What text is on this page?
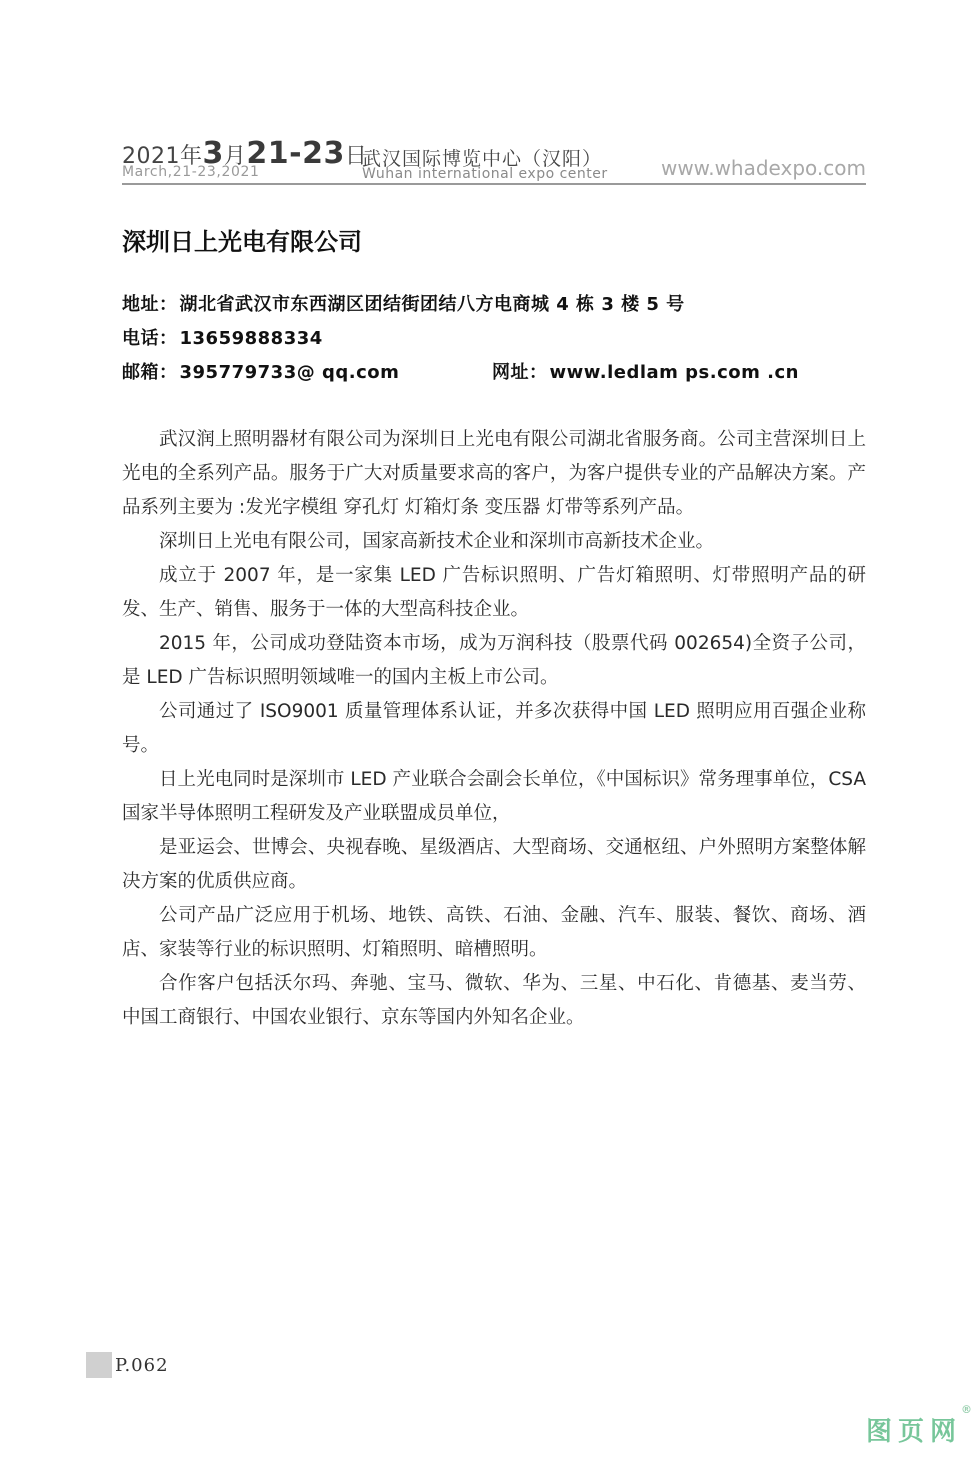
2021年3月21-23日
March,21-23,2021
武汉国际博览中心（汉阳）
Wuhan international expo center	www.whadexpo.com
深圳日上光电有限公司
地址： 湖北省武汉市东西湖区团结街团结八方电商城 4 栋 3 楼 5 号
电话： 13659888334
邮箱： 395779733@ qq.com	网址： www.ledlam ps.com .cn

武汉润上照明器材有限公司为深圳日上光电有限公司湖北省服务商。公司主营深圳日上光电的全系列产品。服务于广大对质量要求高的客户，为客户提供专业的产品解决方案。产品系列主要为 :发光字模组 穿孔灯 灯箱灯条 变压器 灯带等系列产品。

深圳日上光电有限公司，国家高新技术企业和深圳市高新技术企业。

成立于 2007 年，是一家集 LED 广告标识照明、广告灯箱照明、灯带照明产品的研发、生产、销售、服务于一体的大型高科技企业。

2015 年，公司成功登陆资本市场，成为万润科技（股票代码 002654)全资子公司，是 LED 广告标识照明领域唯一的国内主板上市公司。

公司通过了 ISO9001 质量管理体系认证，并多次获得中国 LED 照明应用百强企业称号。

日上光电同时是深圳市 LED 产业联合会副会长单位，《中国标识》常务理事单位，CSA 国家半导体照明工程研发及产业联盟成员单位，

是亚运会、世博会、央视春晚、星级酒店、大型商场、交通枢纽、户外照明方案整体解决方案的优质供应商。

公司产品广泛应用于机场、地铁、高铁、石油、金融、汽车、服装、餐饮、商场、酒店、家装等行业的标识照明、灯箱照明、暗槽照明。

合作客户包括沃尔玛、奔驰、宝马、微软、华为、三星、中石化、肯德基、麦当劳、 中国工商银行、中国农业银行、京东等国内外知名企业。

P.062
图页网
®
